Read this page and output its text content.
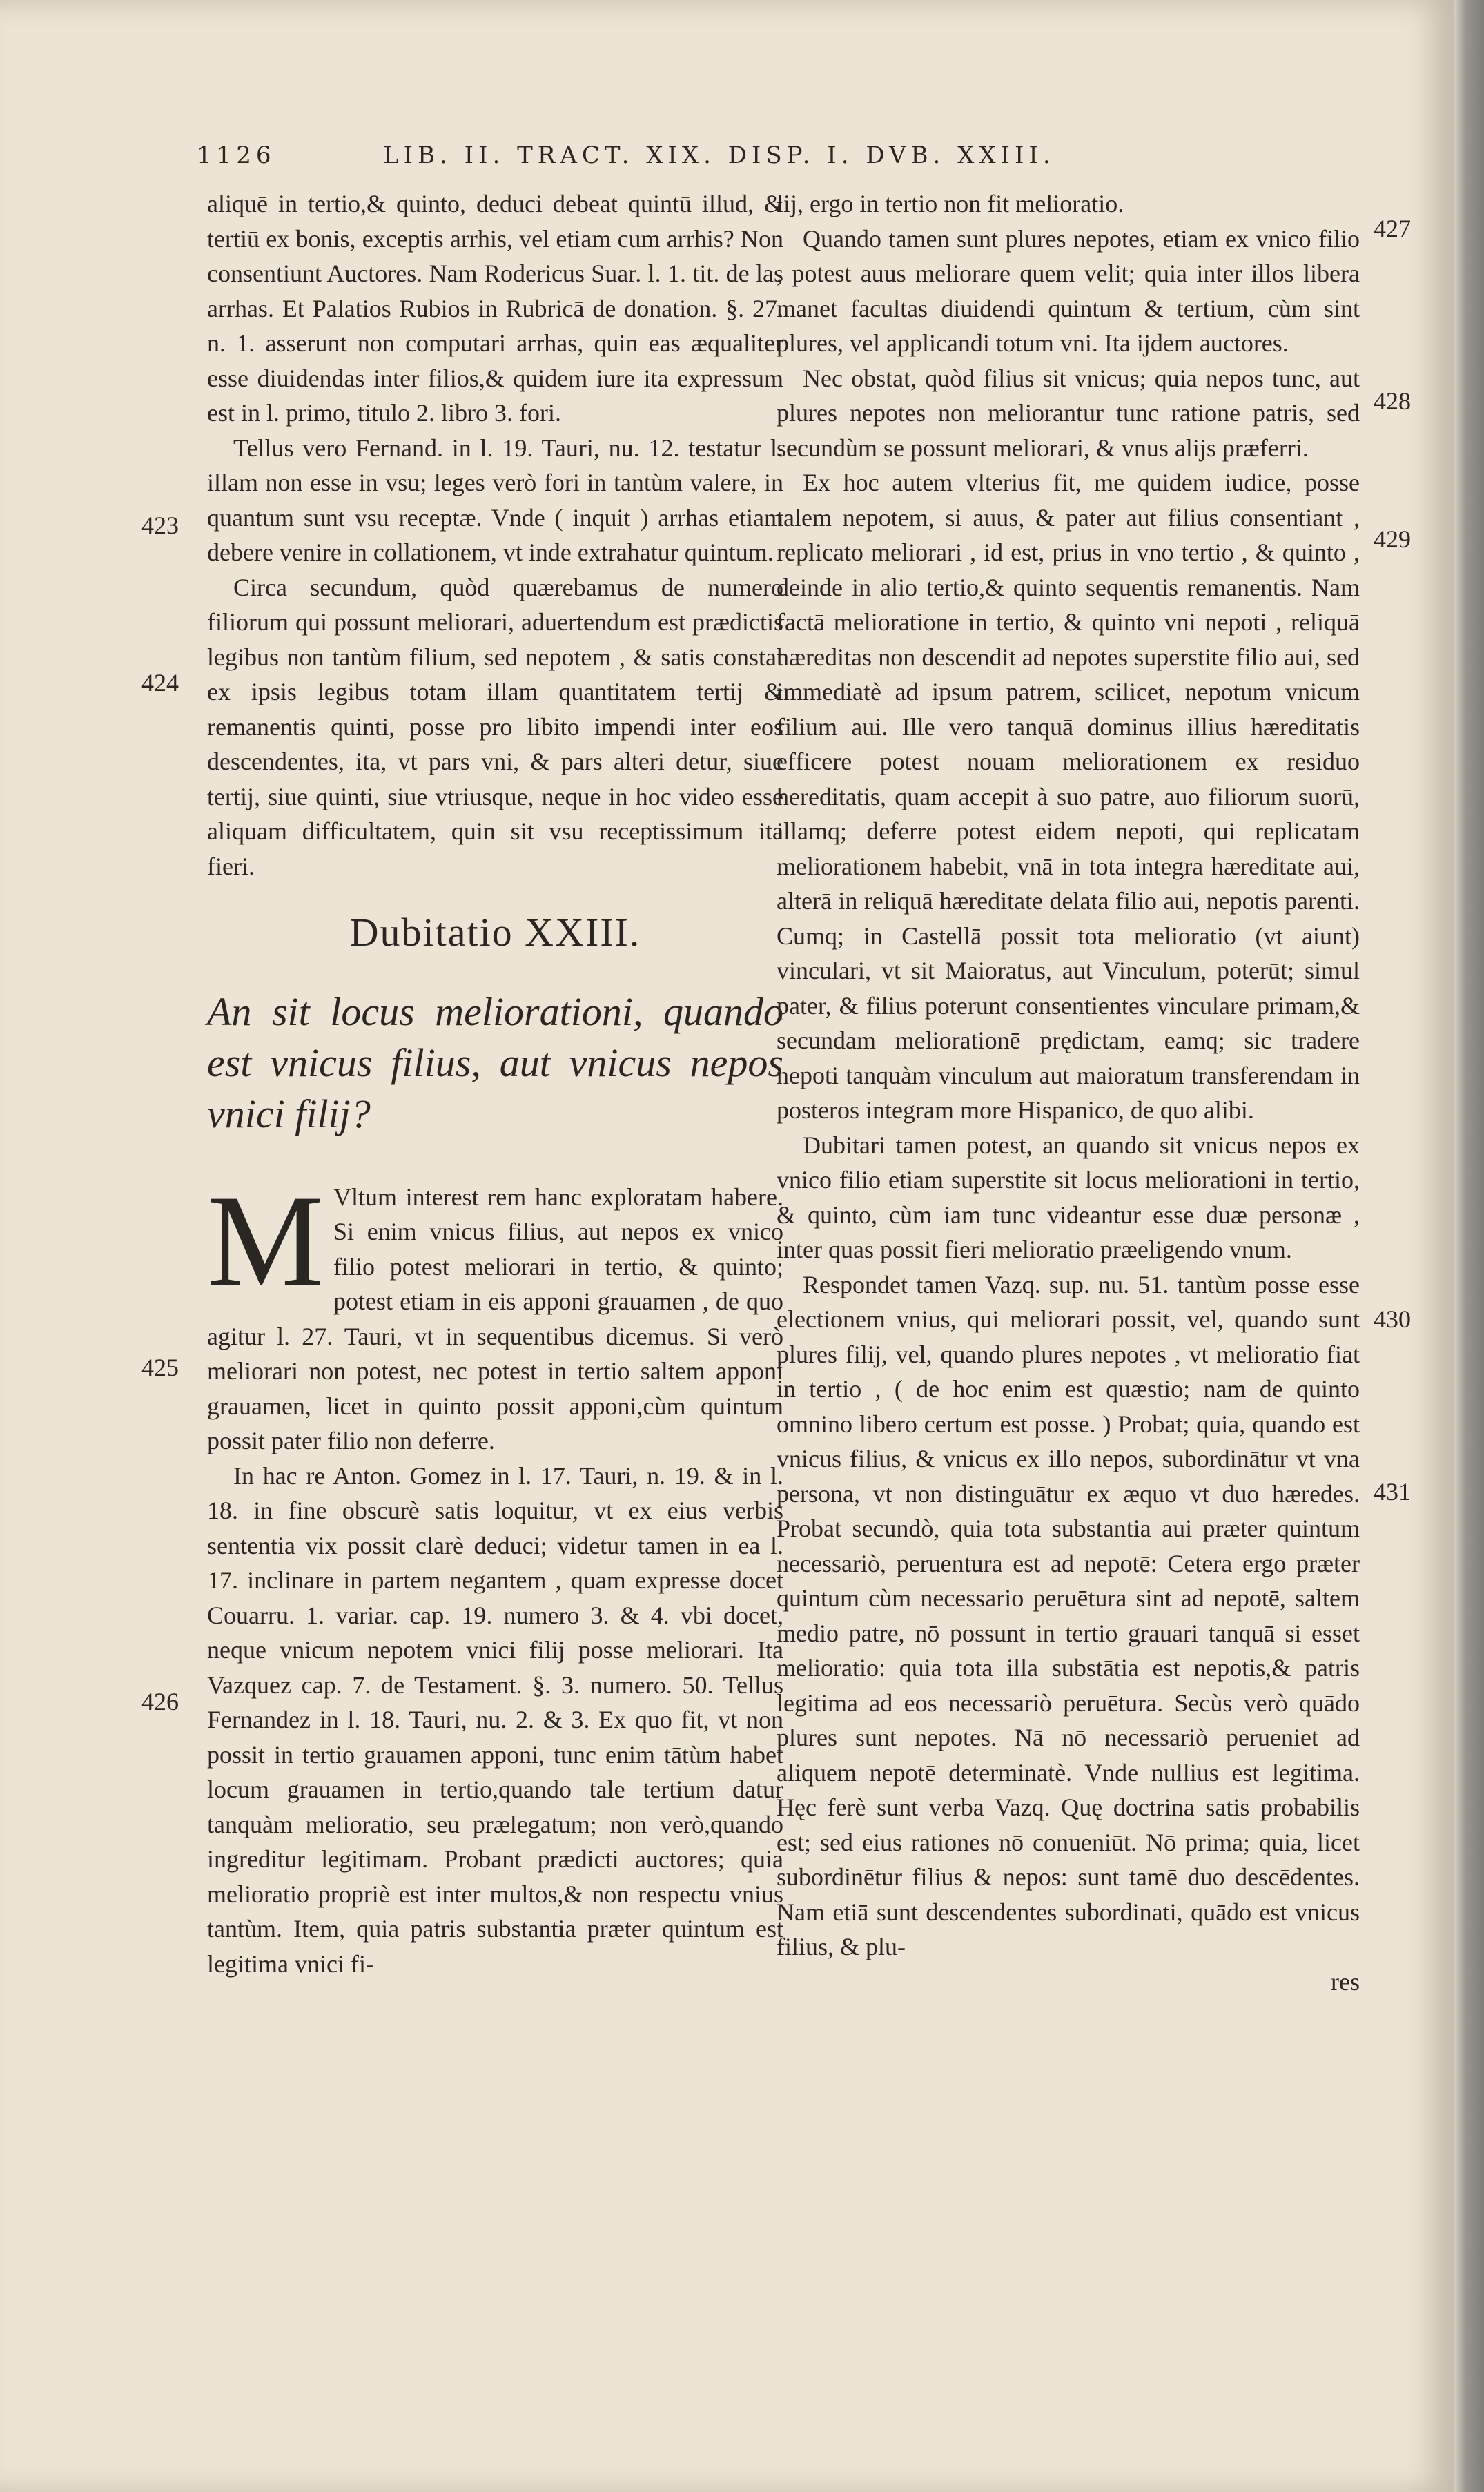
1126	LIB. II. TRACT. XIX. DISP. I. DVB. XXIII.

aliquē in tertio,& quinto, deduci debeat quintū illud, & tertiū ex bonis, exceptis arrhis, vel etiam cum arrhis? Non consentiunt Auctores. Nam Rodericus Suar. l. 1. tit. de las arrhas. Et Palatios Rubios in Rubricā de donation. §. 27. n. 1. asserunt non computari arrhas, quin eas æqualiter esse diuidendas inter filios,& quidem iure ita expressum est in l. primo, titulo 2. libro 3. fori.

Tellus vero Fernand. in l. 19. Tauri, nu. 12. testatur l. illam non esse in vsu; leges verò fori in tantùm valere, in quantum sunt vsu receptæ. Vnde ( inquit ) arrhas etiam debere venire in collationem, vt inde extrahatur quintum.

Circa secundum, quòd quærebamus de numero filiorum qui possunt meliorari, aduertendum est prædictis legibus non tantùm filium, sed nepotem , & satis constat ex ipsis legibus totam illam quantitatem tertij & remanentis quinti, posse pro libito impendi inter eos descendentes, ita, vt pars vni, & pars alteri detur, siue tertij, siue quinti, siue vtriusque, neque in hoc video esse aliquam difficultatem, quin sit vsu receptissimum ita fieri.

Dubitatio XXIII.
An sit locus meliorationi, quando est vnicus filius, aut vnicus nepos vnici filij?

M Vltum interest rem hanc exploratam habere. Si enim vnicus filius, aut nepos ex vnico filio potest meliorari in tertio, & quinto; potest etiam in eis apponi grauamen , de quo agitur l. 27. Tauri, vt in sequentibus dicemus. Si verò meliorari non potest, nec potest in tertio saltem apponi grauamen, licet in quinto possit apponi,cùm quintum possit pater filio non deferre.

In hac re Anton. Gomez in l. 17. Tauri, n. 19. & in l. 18. in fine obscurè satis loquitur, vt ex eius verbis sententia vix possit clarè deduci; videtur tamen in ea l. 17. inclinare in partem negantem , quam expresse docet Couarru. 1. variar. cap. 19. numero 3. & 4. vbi docet, neque vnicum nepotem vnici filij posse meliorari. Ita Vazquez cap. 7. de Testament. §. 3. numero. 50. Tellus Fernandez in l. 18. Tauri, nu. 2. & 3. Ex quo fit, vt non possit in tertio grauamen apponi, tunc enim tātùm habet locum grauamen in tertio,quando tale tertium datur tanquàm melioratio, seu prælegatum; non verò,quando ingreditur legitimam. Probant prædicti auctores; quia melioratio propriè est inter multos,& non respectu vnius tantùm. Item, quia patris substantia præter quintum est legitima vnici fi-

423
424
425
426

lij, ergo in tertio non fit melioratio.

Quando tamen sunt plures nepotes, etiam ex vnico filio , potest auus meliorare quem velit; quia inter illos libera manet facultas diuidendi quintum & tertium, cùm sint plures, vel applicandi totum vni. Ita ijdem auctores.

Nec obstat, quòd filius sit vnicus; quia nepos tunc, aut plures nepotes non meliorantur tunc ratione patris, sed secundùm se possunt meliorari, & vnus alijs præferri.

Ex hoc autem vlterius fit, me quidem iudice, posse talem nepotem, si auus, & pater aut filius consentiant , replicato meliorari , id est, prius in vno tertio , & quinto , deinde in alio tertio,& quinto sequentis remanentis. Nam factā melioratione in tertio, & quinto vni nepoti , reliquā hæreditas non descendit ad nepotes superstite filio aui, sed immediatè ad ipsum patrem, scilicet, nepotum vnicum filium aui. Ille vero tanquā dominus illius hæreditatis efficere potest nouam meliorationem ex residuo hereditatis, quam accepit à suo patre, auo filiorum suorū, illamq; deferre potest eidem nepoti, qui replicatam meliorationem habebit, vnā in tota integra hæreditate aui, alterā in reliquā hæreditate delata filio aui, nepotis parenti. Cumq; in Castellā possit tota melioratio (vt aiunt) vinculari, vt sit Maioratus, aut Vinculum, poterūt; simul pater, & filius poterunt consentientes vinculare primam,& secundam meliorationē prędictam, eamq; sic tradere nepoti tanquàm vinculum aut maioratum transferendam in posteros integram more Hispanico, de quo alibi.

Dubitari tamen potest, an quando sit vnicus nepos ex vnico filio etiam superstite sit locus meliorationi in tertio, & quinto, cùm iam tunc videantur esse duæ personæ , inter quas possit fieri melioratio præeligendo vnum.

Respondet tamen Vazq. sup. nu. 51. tantùm posse esse electionem vnius, qui meliorari possit, vel, quando sunt plures filij, vel, quando plures nepotes , vt melioratio fiat in tertio , ( de hoc enim est quæstio; nam de quinto omnino libero certum est posse. ) Probat; quia, quando est vnicus filius, & vnicus ex illo nepos, subordinātur vt vna persona, vt non distinguātur ex æquo vt duo hæredes. Probat secundò, quia tota substantia aui præter quintum necessariò, peruentura est ad nepotē: Cetera ergo præter quintum cùm necessario peruētura sint ad nepotē, saltem medio patre, nō possunt in tertio grauari tanquā si esset melioratio: quia tota illa substātia est nepotis,& patris legitima ad eos necessariò peruētura. Secùs verò quādo plures sunt nepotes. Nā nō necessariò perueniet ad aliquem nepotē determinatè. Vnde nullius est legitima. Hęc ferè sunt verba Vazq. Quę doctrina satis probabilis est; sed eius rationes nō conueniūt. Nō prima; quia, licet subordinētur filius & nepos: sunt tamē duo descēdentes. Nam etiā sunt descendentes subordinati, quādo est vnicus filius, & plu-

res
427
428
429
430
431
